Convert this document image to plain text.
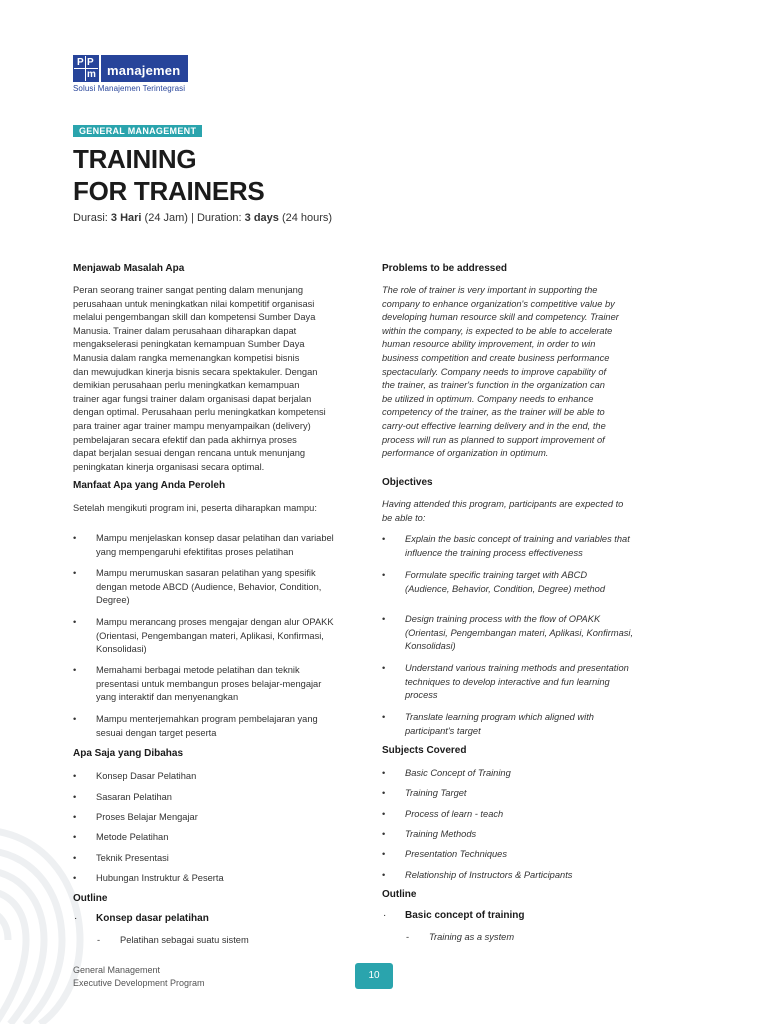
P P
m manajemen
Solusi Manajemen Terintegrasi
GENERAL MANAGEMENT
TRAINING
FOR TRAINERS
Durasi: 3 Hari (24 Jam) | Duration: 3 days (24 hours)
Menjawab Masalah Apa
Peran seorang trainer sangat penting dalam menunjang
perusahaan untuk meningkatkan nilai kompetitif organisasi
melalui pengembangan skill dan kompetensi Sumber Daya
Manusia. Trainer dalam perusahaan diharapkan dapat
mengakselerasi peningkatan kemampuan Sumber Daya
Manusia dalam rangka memenangkan kompetisi bisnis
dan mewujudkan kinerja bisnis secara spektakuler. Dengan
demikian perusahaan perlu meningkatkan kemampuan
trainer agar fungsi trainer dalam organisasi dapat berjalan
dengan optimal. Perusahaan perlu meningkatkan kompetensi
para trainer agar trainer mampu menyampaikan (delivery)
pembelajaran secara efektif dan pada akhirnya proses
dapat berjalan sesuai dengan rencana untuk menunjang
peningkatan kinerja organisasi secara optimal.
Manfaat Apa yang Anda Peroleh
Setelah mengikuti program ini, peserta diharapkan mampu:
• Mampu menjelaskan konsep dasar pelatihan dan variabel
yang mempengaruhi efektifitas proses pelatihan
• Mampu merumuskan sasaran pelatihan yang spesifik
dengan metode ABCD (Audience, Behavior, Condition,
Degree)
• Mampu merancang proses mengajar dengan alur OPAKK
(Orientasi, Pengembangan materi, Aplikasi, Konfirmasi,
Konsolidasi)
• Memahami berbagai metode pelatihan dan teknik
presentasi untuk membangun proses belajar-mengajar
yang interaktif dan menyenangkan
• Mampu menterjemahkan program pembelajaran yang
sesuai dengan target peserta
Apa Saja yang Dibahas
• Konsep Dasar Pelatihan
• Sasaran Pelatihan
• Proses Belajar Mengajar
• Metode Pelatihan
• Teknik Presentasi
• Hubungan Instruktur & Peserta
Outline
· Konsep dasar pelatihan
- Pelatihan sebagai suatu sistem
Problems to be addressed
The role of trainer is very important in supporting the
company to enhance organization's competitive value by
developing human resource skill and competency. Trainer
within the company, is expected to be able to accelerate
human resource ability improvement, in order to win
business competition and create business performance
spectacularly. Company needs to improve capability of
the trainer, as trainer's function in the organization can
be utilized in optimum. Company needs to enhance
competency of the trainer, as the trainer will be able to
carry-out effective learning delivery and in the end, the
process will run as planned to support improvement of
performance of organization in optimum.
Objectives
Having attended this program, participants are expected to
be able to:
• Explain the basic concept of training and variables that
influence the training process effectiveness
• Formulate specific training target with ABCD
(Audience, Behavior, Condition, Degree) method
• Design training process with the flow of OPAKK
(Orientasi, Pengembangan materi, Aplikasi, Konfirmasi,
Konsolidasi)
• Understand various training methods and presentation
techniques to develop interactive and fun learning
process
• Translate learning program which aligned with
participant's target
Subjects Covered
• Basic Concept of Training
• Training Target
• Process of learn - teach
• Training Methods
• Presentation Techniques
• Relationship of Instructors & Participants
Outline
· Basic concept of training
- Training as a system
General Management
Executive Development Program
10
